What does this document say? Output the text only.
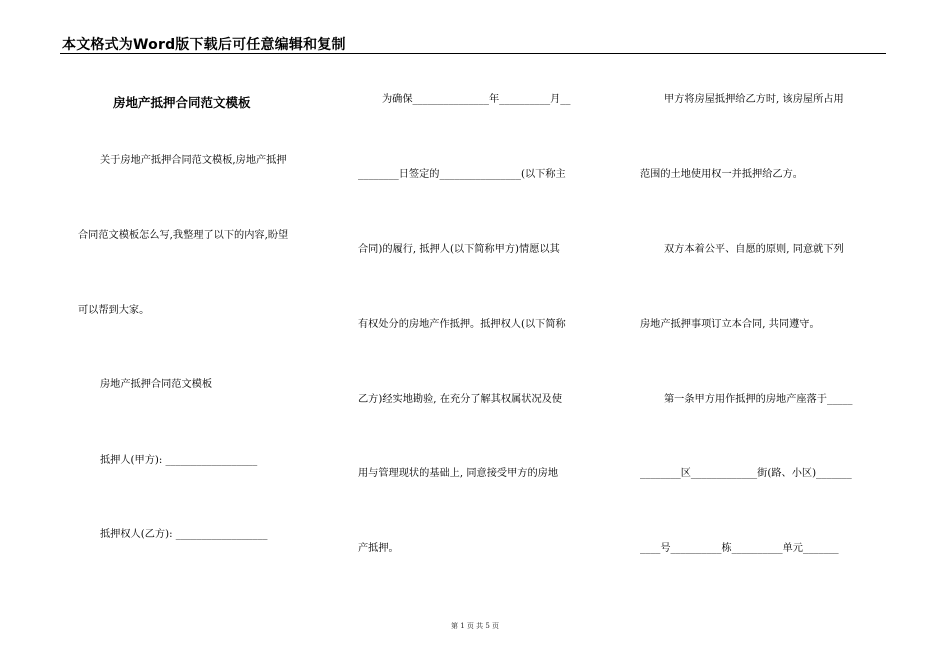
本文格式为Word版下载后可任意编辑和复制
房地产抵押合同范文模板
关于房地产抵押合同范文模板,房地产抵押
合同范文模板怎么写,我整理了以下的内容,盼望
可以帮到大家。
房地产抵押合同范文模板
抵押人(甲方): __________________
抵押权人(乙方): __________________
为确保_______________年__________月__
________日签定的________________(以下称主
合同)的履行, 抵押人(以下简称甲方)情愿以其
有权处分的房地产作抵押。抵押权人(以下简称
乙方)经实地勘验, 在充分了解其权属状况及使
用与管理现状的基础上, 同意接受甲方的房地
产抵押。
甲方将房屋抵押给乙方时, 该房屋所占用
范围的土地使用权一并抵押给乙方。
双方本着公平、自愿的原则, 同意就下列
房地产抵押事项订立本合同, 共同遵守。
第一条甲方用作抵押的房地产座落于_____
________区_____________街(路、小区)_______
____号__________栋__________单元_______
第 1 页 共 5 页
